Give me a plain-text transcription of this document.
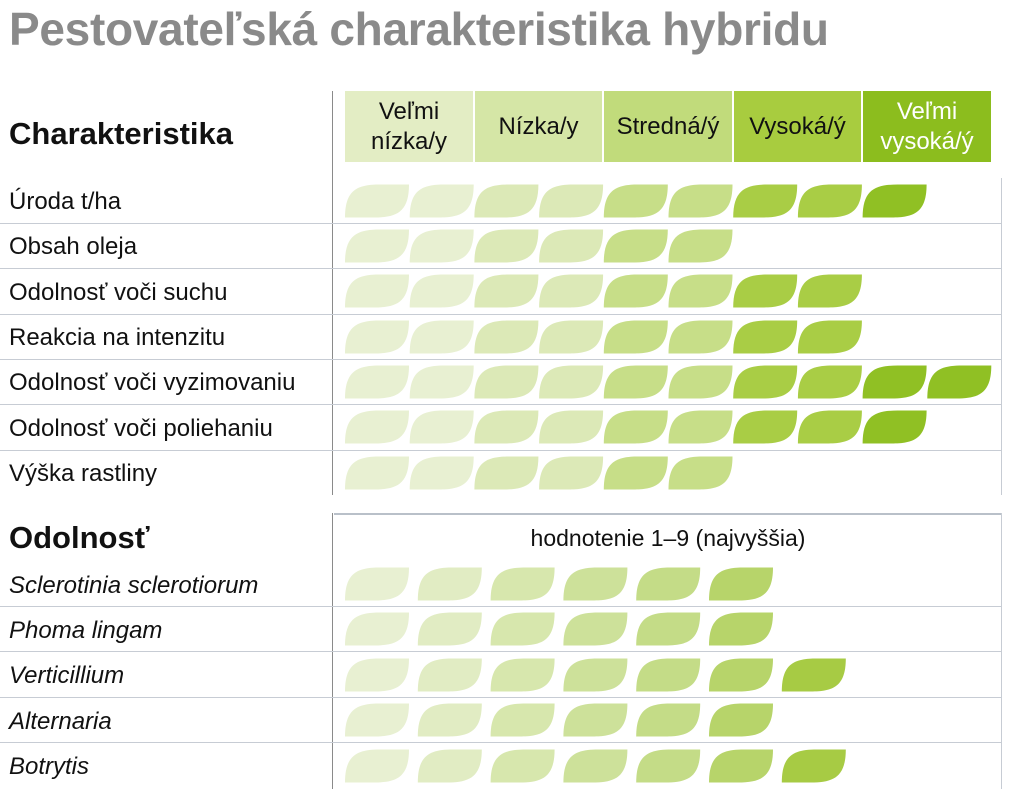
Pestovateľská charakteristika hybridu
Charakteristika
Veľmi nízka/y
Nízka/y Stredná/ý Vysoká/ý
Veľmi vysoká/ý
Úroda t/ha
Obsah oleja
Odolnosť voči suchu
Reakcia na intenzitu
Odolnosť voči vyzimovaniu
Odolnosť voči poliehaniu
Výška rastliny
Odolnosť	hodnotenie 1–9 (najvyššia)
Sclerotinia sclerotiorum
Phoma lingam
Verticillium
Alternaria
Botrytis
